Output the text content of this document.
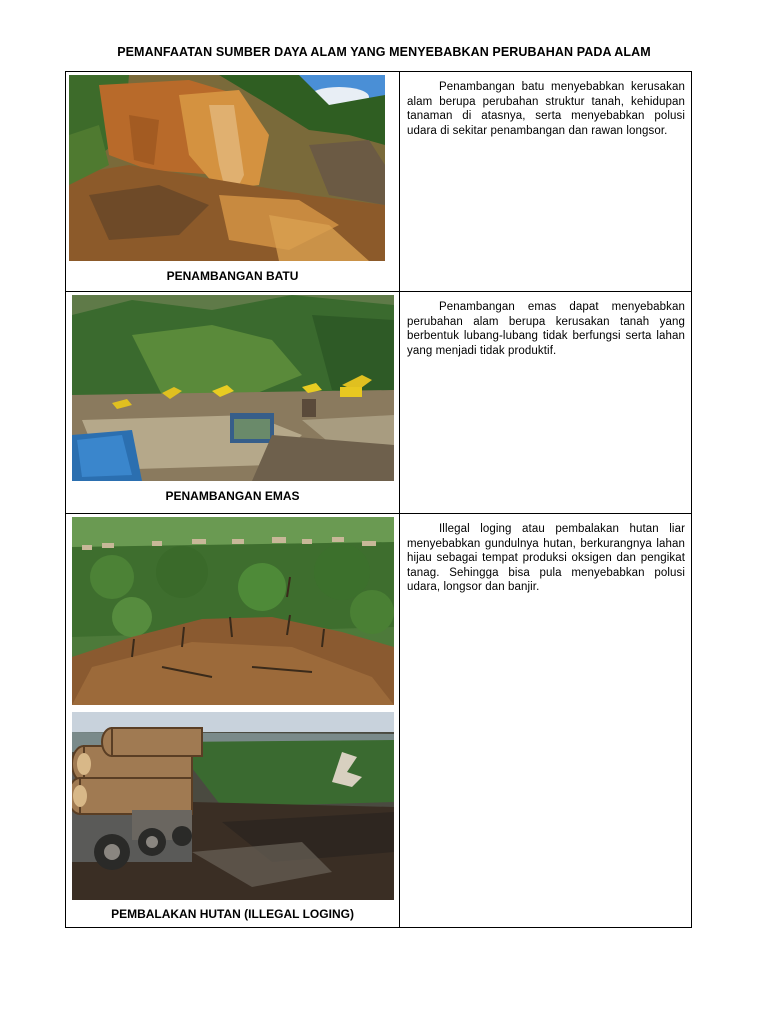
PEMANFAATAN SUMBER DAYA ALAM YANG MENYEBABKAN PERUBAHAN PADA ALAM
PENAMBANGAN BATU	Penambangan batu menyebabkan kerusakan alam berupa perubahan struktur tanah, kehidupan tanaman di atasnya, serta menyebabkan polusi udara di sekitar penambangan dan rawan longsor.

PENAMBANGAN EMAS	Penambangan emas dapat menyebabkan perubahan alam berupa kerusakan tanah yang berbentuk lubang-lubang tidak berfungsi serta lahan yang menjadi tidak produktif.

PEMBALAKAN HUTAN (ILLEGAL LOGING)	Illegal loging atau pembalakan hutan liar menyebabkan gundulnya hutan, berkurangnya lahan hijau sebagai tempat produksi oksigen dan pengikat tanag. Sehingga bisa pula menyebabkan polusi udara, longsor dan banjir.
